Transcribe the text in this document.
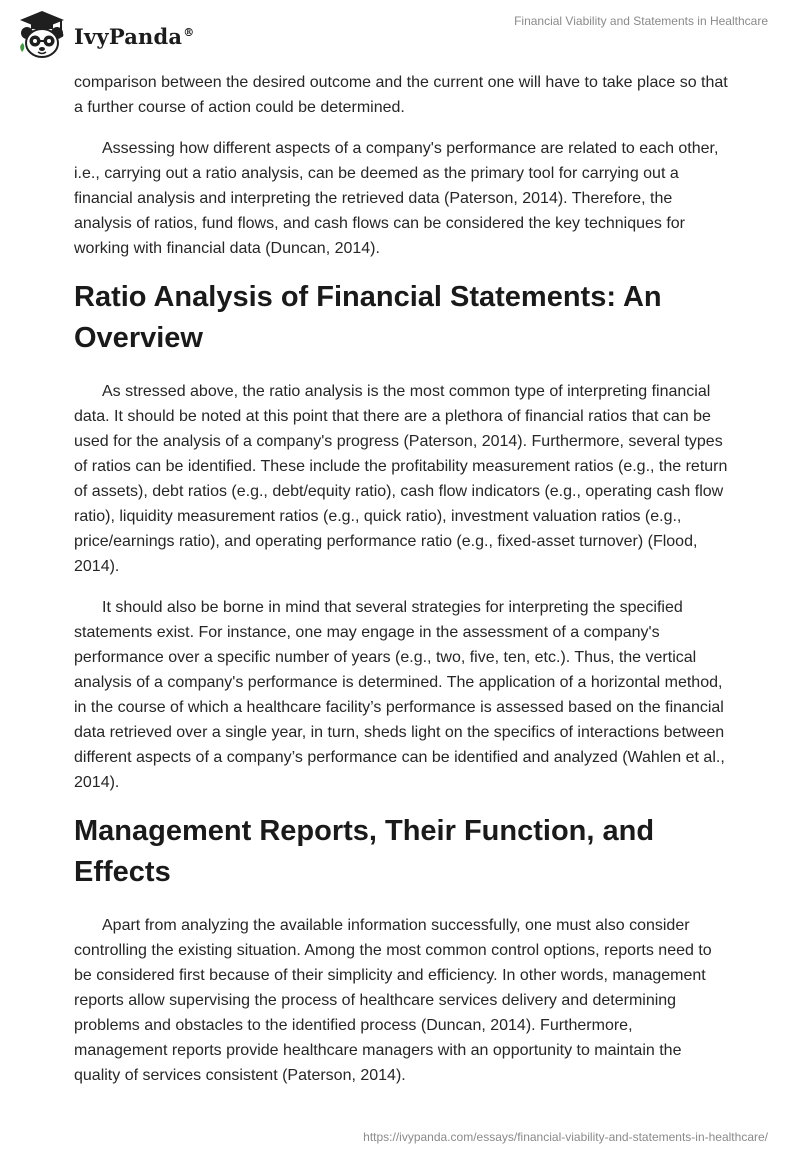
IvyPanda®
Financial Viability and Statements in Healthcare

comparison between the desired outcome and the current one will have to take place so that a further course of action could be determined.

Assessing how different aspects of a company's performance are related to each other, i.e., carrying out a ratio analysis, can be deemed as the primary tool for carrying out a financial analysis and interpreting the retrieved data (Paterson, 2014). Therefore, the analysis of ratios, fund flows, and cash flows can be considered the key techniques for working with financial data (Duncan, 2014).

Ratio Analysis of Financial Statements: An Overview

As stressed above, the ratio analysis is the most common type of interpreting financial data. It should be noted at this point that there are a plethora of financial ratios that can be used for the analysis of a company's progress (Paterson, 2014). Furthermore, several types of ratios can be identified. These include the profitability measurement ratios (e.g., the return of assets), debt ratios (e.g., debt/equity ratio), cash flow indicators (e.g., operating cash flow ratio), liquidity measurement ratios (e.g., quick ratio), investment valuation ratios (e.g., price/earnings ratio), and operating performance ratio (e.g., fixed-asset turnover) (Flood, 2014).

It should also be borne in mind that several strategies for interpreting the specified statements exist. For instance, one may engage in the assessment of a company's performance over a specific number of years (e.g., two, five, ten, etc.). Thus, the vertical analysis of a company's performance is determined. The application of a horizontal method, in the course of which a healthcare facility’s performance is assessed based on the financial data retrieved over a single year, in turn, sheds light on the specifics of interactions between different aspects of a company’s performance can be identified and analyzed (Wahlen et al., 2014).

Management Reports, Their Function, and Effects

Apart from analyzing the available information successfully, one must also consider controlling the existing situation. Among the most common control options, reports need to be considered first because of their simplicity and efficiency. In other words, management reports allow supervising the process of healthcare services delivery and determining problems and obstacles to the identified process (Duncan, 2014). Furthermore, management reports provide healthcare managers with an opportunity to maintain the quality of services consistent (Paterson, 2014).

https://ivypanda.com/essays/financial-viability-and-statements-in-healthcare/
